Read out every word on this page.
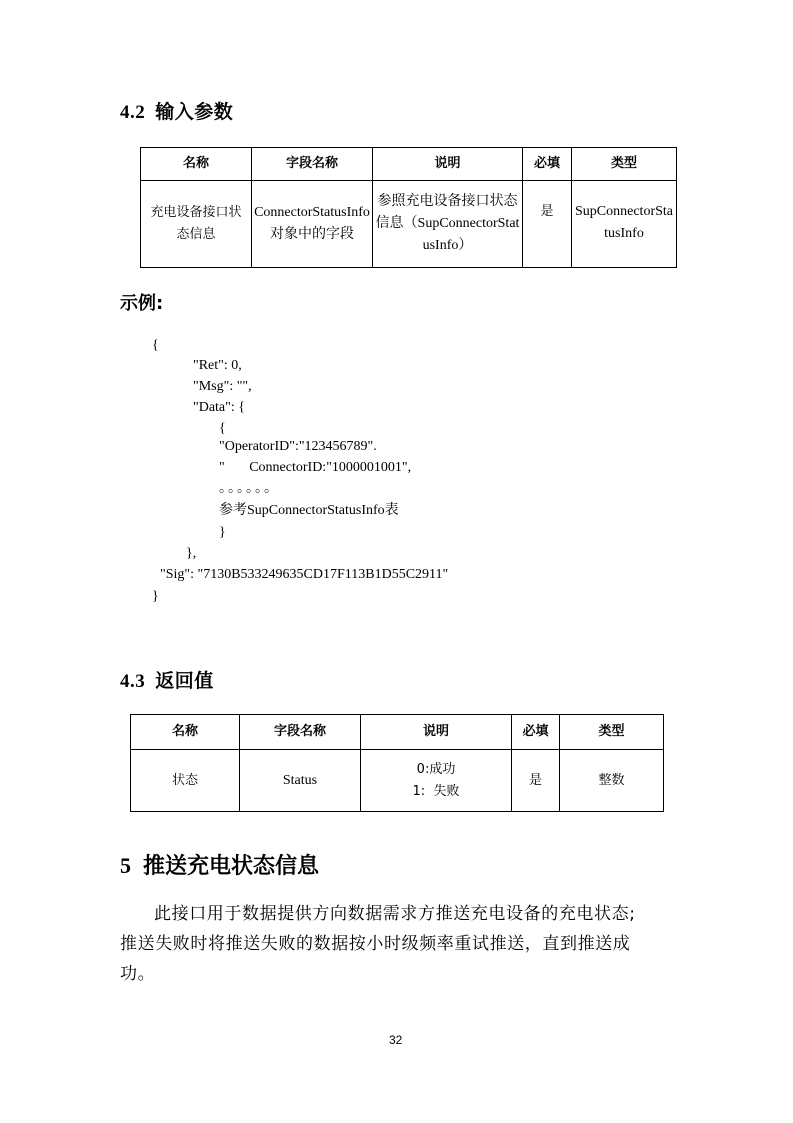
4.2 输入参数
名称	字段名称	说明	必填	类型
充电设备接口状态信息	ConnectorStatusInfo对象中的字段	参照充电设备接口状态信息（SupConnectorStatusInfo）	是	SupConnectorStatusInfo
示例:
{
"Ret": 0,
"Msg": "",
"Data": {
{
"OperatorID":"123456789".
"       ConnectorID:"1000001001",
。。。。。。
参考SupConnectorStatusInfo表
}
},
"Sig": "7130B533249635CD17F113B1D55C2911"
}
4.3 返回值
名称	字段名称	说明	必填	类型
状态	Status	0:成功
1:  失败	是	整数
5 推送充电状态信息
此接口用于数据提供方向数据需求方推送充电设备的充电状态;
推送失败时将推送失败的数据按小时级频率重试推送，直到推送成
功。
32
